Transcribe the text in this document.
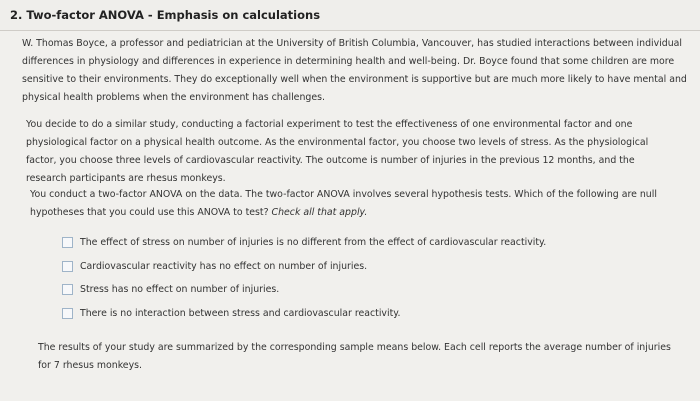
2. Two-factor ANOVA - Emphasis on calculations
W. Thomas Boyce, a professor and pediatrician at the University of British Columbia, Vancouver, has studied interactions between individual differences in physiology and differences in experience in determining health and well-being. Dr. Boyce found that some children are more sensitive to their environments. They do exceptionally well when the environment is supportive but are much more likely to have mental and physical health problems when the environment has challenges.
You decide to do a similar study, conducting a factorial experiment to test the effectiveness of one environmental factor and one physiological factor on a physical health outcome. As the environmental factor, you choose two levels of stress. As the physiological factor, you choose three levels of cardiovascular reactivity. The outcome is number of injuries in the previous 12 months, and the research participants are rhesus monkeys.
You conduct a two-factor ANOVA on the data. The two-factor ANOVA involves several hypothesis tests. Which of the following are null hypotheses that you could use this ANOVA to test? Check all that apply.
The effect of stress on number of injuries is no different from the effect of cardiovascular reactivity.
Cardiovascular reactivity has no effect on number of injuries.
Stress has no effect on number of injuries.
There is no interaction between stress and cardiovascular reactivity.
The results of your study are summarized by the corresponding sample means below. Each cell reports the average number of injuries for 7 rhesus monkeys.
